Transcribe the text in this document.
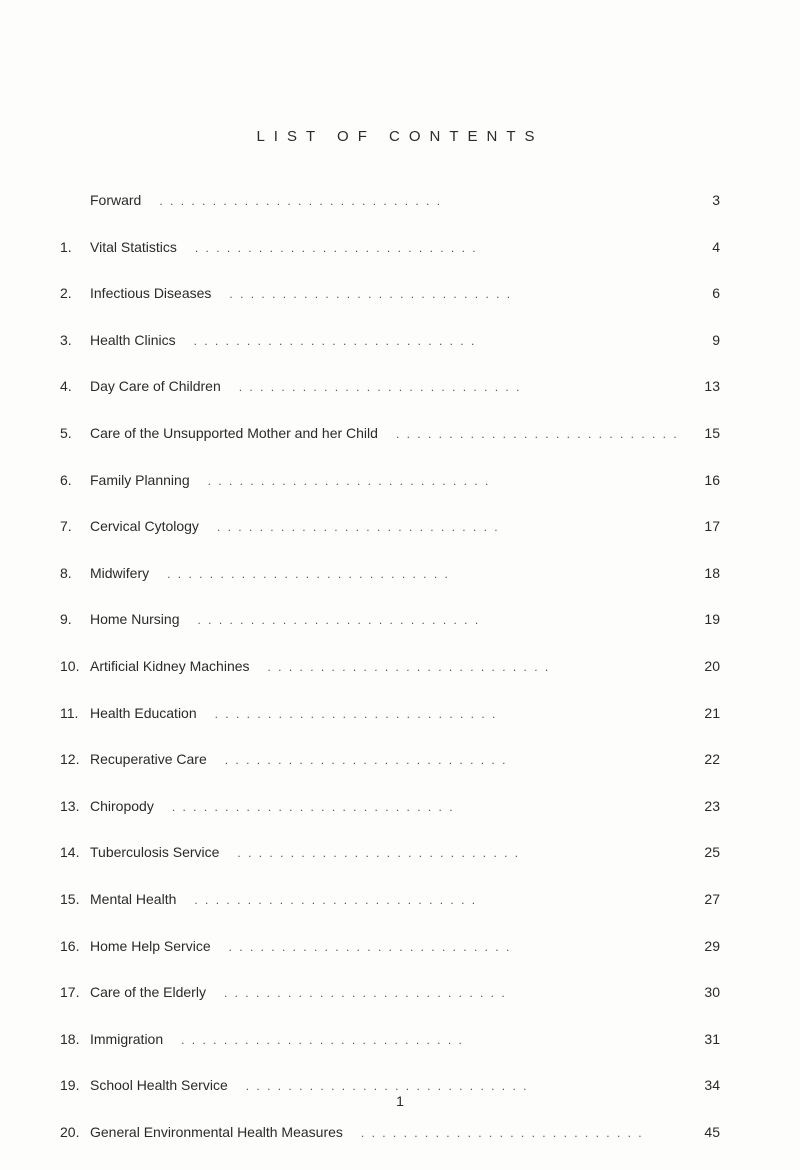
LIST OF CONTENTS
Forward	. . . . . . . . . . . . . . . . . . . . . . . . . . .	3
1.	Vital Statistics	. . . . . . . . . . . . . . . . . . . . . . . . . . .	4
2.	Infectious Diseases	. . . . . . . . . . . . . . . . . . . . . . . . . . .	6
3.	Health Clinics	. . . . . . . . . . . . . . . . . . . . . . . . . . .	9
4.	Day Care of Children	. . . . . . . . . . . . . . . . . . . . . . . . . . .	13
5.	Care of the Unsupported Mother and her Child	. . . . . . . . . . . . . . . . . . . . . . . . . . .	15
6.	Family Planning	. . . . . . . . . . . . . . . . . . . . . . . . . . .	16
7.	Cervical Cytology	. . . . . . . . . . . . . . . . . . . . . . . . . . .	17
8.	Midwifery	. . . . . . . . . . . . . . . . . . . . . . . . . . .	18
9.	Home Nursing	. . . . . . . . . . . . . . . . . . . . . . . . . . .	19
10. Artificial Kidney Machines	. . . . . . . . . . . . . . . . . . . . . . . . . . .	20
11. Health Education	. . . . . . . . . . . . . . . . . . . . . . . . . . .	21
12. Recuperative Care	. . . . . . . . . . . . . . . . . . . . . . . . . . .	22
13. Chiropody	. . . . . . . . . . . . . . . . . . . . . . . . . . .	23
14. Tuberculosis Service	. . . . . . . . . . . . . . . . . . . . . . . . . . .	25
15. Mental Health	. . . . . . . . . . . . . . . . . . . . . . . . . . .	27
16. Home Help Service	. . . . . . . . . . . . . . . . . . . . . . . . . . .	29
17. Care of the Elderly	. . . . . . . . . . . . . . . . . . . . . . . . . . .	30
18. Immigration	. . . . . . . . . . . . . . . . . . . . . . . . . . .	31
19. School Health Service	. . . . . . . . . . . . . . . . . . . . . . . . . . .	34
20. General Environmental Health Measures	. . . . . . . . . . . . . . . . . . . . . . . . . . .	45
1
